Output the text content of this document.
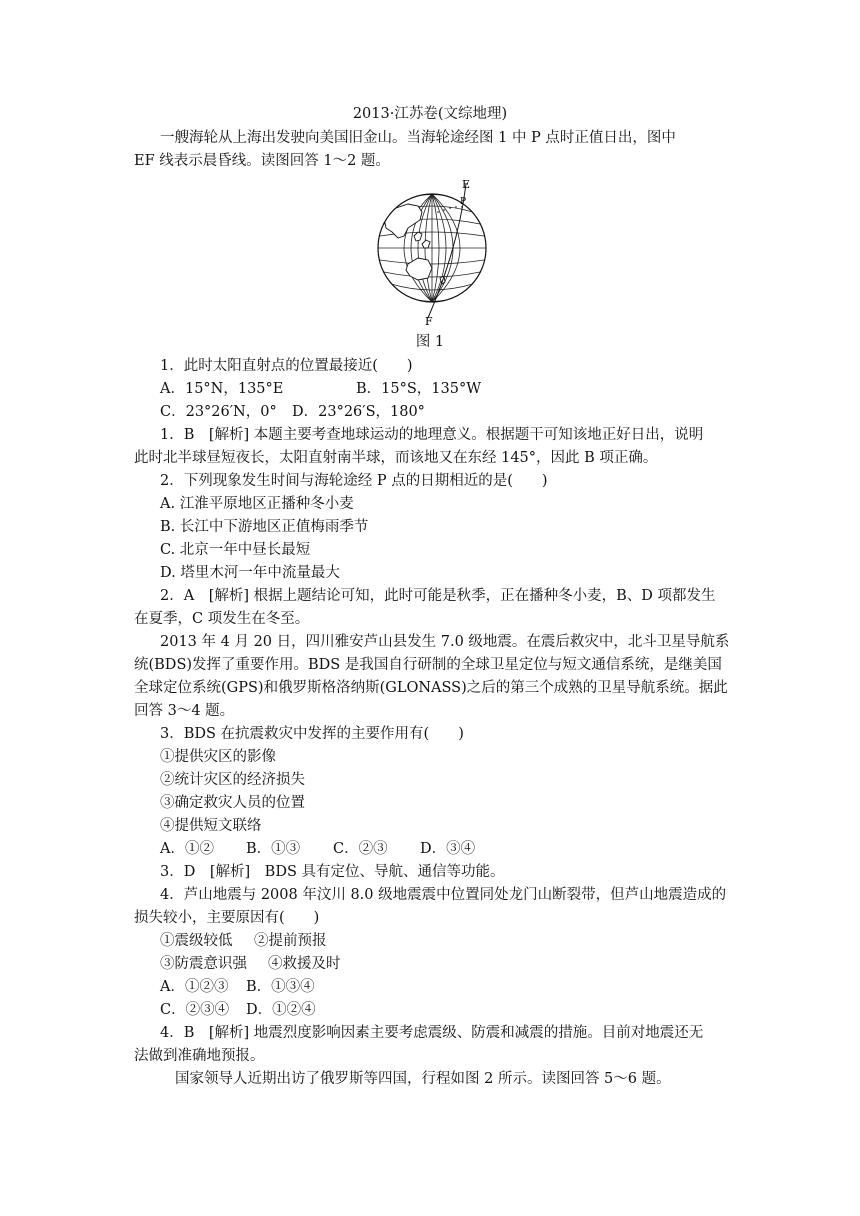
2013·江苏卷(文综地理)
一艘海轮从上海出发驶向美国旧金山。当海轮途经图 1 中 P 点时正值日出，图中
EF 线表示晨昏线。读图回答 1～2 题。
E
P
F
图 1
1．此时太阳直射点的位置最接近(　　)
A．15°N，135°E	B．15°S，135°W
C．23°26′N，0° D．23°26′S，180°
1．B　[解析] 本题主要考查地球运动的地理意义。根据题干可知该地正好日出，说明
此时北半球昼短夜长，太阳直射南半球，而该地又在东经 145°，因此 B 项正确。
2．下列现象发生时间与海轮途经 P 点的日期相近的是(　　)
A. 江淮平原地区正播种冬小麦
B. 长江中下游地区正值梅雨季节
C. 北京一年中昼长最短
D. 塔里木河一年中流量最大
2．A　[解析] 根据上题结论可知，此时可能是秋季，正在播种冬小麦，B、D 项都发生
在夏季，C 项发生在冬至。
2013 年 4 月 20 日，四川雅安芦山县发生 7.0 级地震。在震后救灾中，北斗卫星导航系
统(BDS)发挥了重要作用。BDS 是我国自行研制的全球卫星定位与短文通信系统，是继美国
全球定位系统(GPS)和俄罗斯格洛纳斯(GLONASS)之后的第三个成熟的卫星导航系统。据此
回答 3～4 题。
3．BDS 在抗震救灾中发挥的主要作用有(　　)
①提供灾区的影像
②统计灾区的经济损失
③确定救灾人员的位置
④提供短文联络
A．①② B．①③ C．②③ D．③④
3．D　[解析]　BDS 具有定位、导航、通信等功能。
4．芦山地震与 2008 年汶川 8.0 级地震震中位置同处龙门山断裂带，但芦山地震造成的
损失较小，主要原因有(　　)
①震级较低 ②提前预报
③防震意识强 ④救援及时
A．①②③ B．①③④
C．②③④ D．①②④
4．B　[解析] 地震烈度影响因素主要考虑震级、防震和减震的措施。目前对地震还无
法做到准确地预报。
国家领导人近期出访了俄罗斯等四国，行程如图 2 所示。读图回答 5～6 题。
